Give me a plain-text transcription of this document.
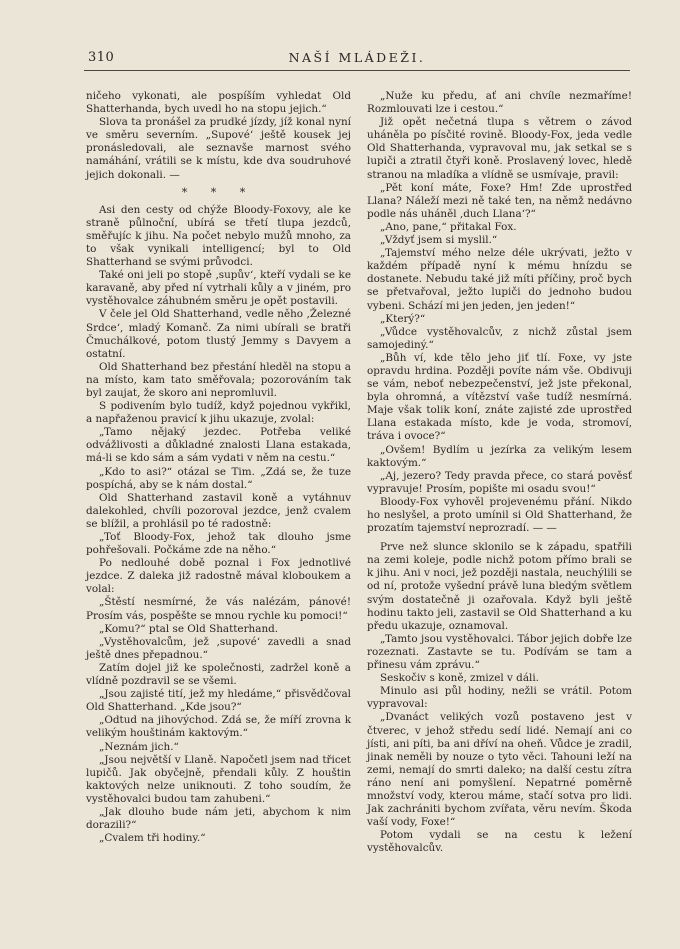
310	NAŠÍ MLÁDEŽI.

ničeho vykonati, ale pospíším vyhledat Old Shatterhanda, bych uvedl ho na stopu jejich.“

Slova ta pronášel za prudké jízdy, jíž konal nyní ve směru severním. „Supové‘ ještě kousek jej pronásledovali, ale seznavše marnost svého namáhání, vrátili se k místu, kde dva soudruhové jejich dokonali. —

* * *

Asi den cesty od chýže Bloody-Foxovy, ale ke straně půlnoční, ubírá se třetí tlupa jezdců, směřujíc k jihu. Na počet nebylo mužů mnoho, za to však vynikali intelligencí; byl to Old Shatterhand se svými průvodci.

Také oni jeli po stopě ‚supův‘, kteří vydali se ke karavaně, aby před ní vytrhali kůly a v jiném, pro vystěhovalce záhubném směru je opět postavili.

V čele jel Old Shatterhand, vedle něho ‚Železné Srdce‘, mladý Komanč. Za nimi ubírali se bratři Čmuchálkové, potom tlustý Jemmy s Davyem a ostatní.

Old Shatterhand bez přestání hleděl na stopu a na místo, kam tato směřovala; pozorováním tak byl zaujat, že skoro ani nepromluvil.

S podivením bylo tudíž, když pojednou vykřikl, a napřaženou pravicí k jihu ukazuje, zvolal:

„Tamo nějaký jezdec. Potřeba veliké odvážlivosti a důkladné znalosti Llana estakada, má-li se kdo sám a sám vydati v něm na cestu.“

„Kdo to asi?“ otázal se Tim. „Zdá se, že tuze pospíchá, aby se k nám dostal.“

Old Shatterhand zastavil koně a vytáhnuv dalekohled, chvíli pozoroval jezdce, jenž cvalem se blížil, a prohlásil po té radostně:

„Toť Bloody-Fox, jehož tak dlouho jsme pohřešovali. Počkáme zde na něho.“

Po nedlouhé době poznal i Fox jednotlivé jezdce. Z daleka již radostně mával kloboukem a volal:

„Štěstí nesmírné, že vás nalézám, pánové! Prosím vás, pospěšte se mnou rychle ku pomoci!“

„Komu?“ ptal se Old Shatterhand.

„Vystěhovalcům, jež ‚supové‘ zavedli a snad ještě dnes přepadnou.“

Zatím dojel již ke společnosti, zadržel koně a vlídně pozdravil se se všemi.

„Jsou zajisté tití, jež my hledáme,“ přisvědčoval Old Shatterhand. „Kde jsou?“

„Odtud na jihovýchod. Zdá se, že míří zrovna k velikým houštinám kaktovým.“

„Neznám jich.“

„Jsou největší v Llaně. Napočetl jsem nad třicet lupičů. Jak obyčejně, přendali kůly. Z houštin kaktových nelze uniknouti. Z toho soudím, že vystěhovalci budou tam zahubeni.“

„Jak dlouho bude nám jeti, abychom k nim dorazili?“

„Cvalem tři hodiny.“

„Nuže ku předu, ať ani chvíle nezmaříme! Rozmlouvati lze i cestou.“

Již opět nečetná tlupa s větrem o závod uháněla po písčité rovině. Bloody-Fox, jeda vedle Old Shatterhanda, vypravoval mu, jak setkal se s lupiči a ztratil čtyři koně. Proslavený lovec, hledě stranou na mladíka a vlídně se usmívaje, pravil:

„Pět koní máte, Foxe? Hm! Zde uprostřed Llana? Náleží mezi ně také ten, na němž nedávno podle nás uháněl ‚duch Llana‘?“

„Ano, pane,“ přitakal Fox.

„Vždyť jsem si myslil.“

„Tajemství mého nelze déle ukrývati, ježto v každém případě nyní k mému hnízdu se dostanete. Nebudu také již míti příčiny, proč bych se přetvařoval, ježto lupiči do jednoho budou vybeni. Schází mi jen jeden, jen jeden!“

„Který?“

„Vůdce vystěhovalcův, z nichž zůstal jsem samojediný.“

„Bůh ví, kde tělo jeho jiť tlí. Foxe, vy jste opravdu hrdina. Později povíte nám vše. Obdivuji se vám, neboť nebezpečenství, jež jste překonal, byla ohromná, a vítězství vaše tudíž nesmírná. Maje však tolik koní, znáte zajisté zde uprostřed Llana estakada místo, kde je voda, stromoví, tráva i ovoce?“

„Ovšem! Bydlím u jezírka za velikým lesem kaktovým.“

„Aj, jezero? Tedy pravda přece, co stará pověsť vypravuje! Prosím, popište mi osadu svou!“

Bloody-Fox vyhověl projevenému přání. Nikdo ho neslyšel, a proto umínil si Old Shatterhand, že prozatím tajemství neprozradí. — —

Prve než slunce sklonilo se k západu, spatřili na zemi koleje, podle nichž potom přímo brali se k jihu. Ani v noci, jež později nastala, neuchýlili se od ní, protože vyšední právě luna bledým světlem svým dostatečně ji ozařovala. Když byli ještě hodinu takto jeli, zastavil se Old Shatterhand a ku předu ukazuje, oznamoval.

„Tamto jsou vystěhovalci. Tábor jejich dobře lze rozeznati. Zastavte se tu. Podívám se tam a přinesu vám zprávu.“

Seskočiv s koně, zmizel v dáli.

Minulo asi půl hodiny, nežli se vrátil. Potom vypravoval:

„Dvanáct velikých vozů postaveno jest v čtverec, v jehož středu sedí lidé. Nemají ani co jísti, ani píti, ba ani dříví na oheň. Vůdce je zradil, jinak neměli by nouze o tyto věci. Tahouni leží na zemi, nemají do smrti daleko; na další cestu zítra ráno není ani pomyšlení. Nepatrné poměrně množství vody, kterou máme, stačí sotva pro lidi. Jak zachrániti bychom zvířata, věru nevím. Škoda vaší vody, Foxe!“

Potom vydali se na cestu k ležení vystěhovalcův.
